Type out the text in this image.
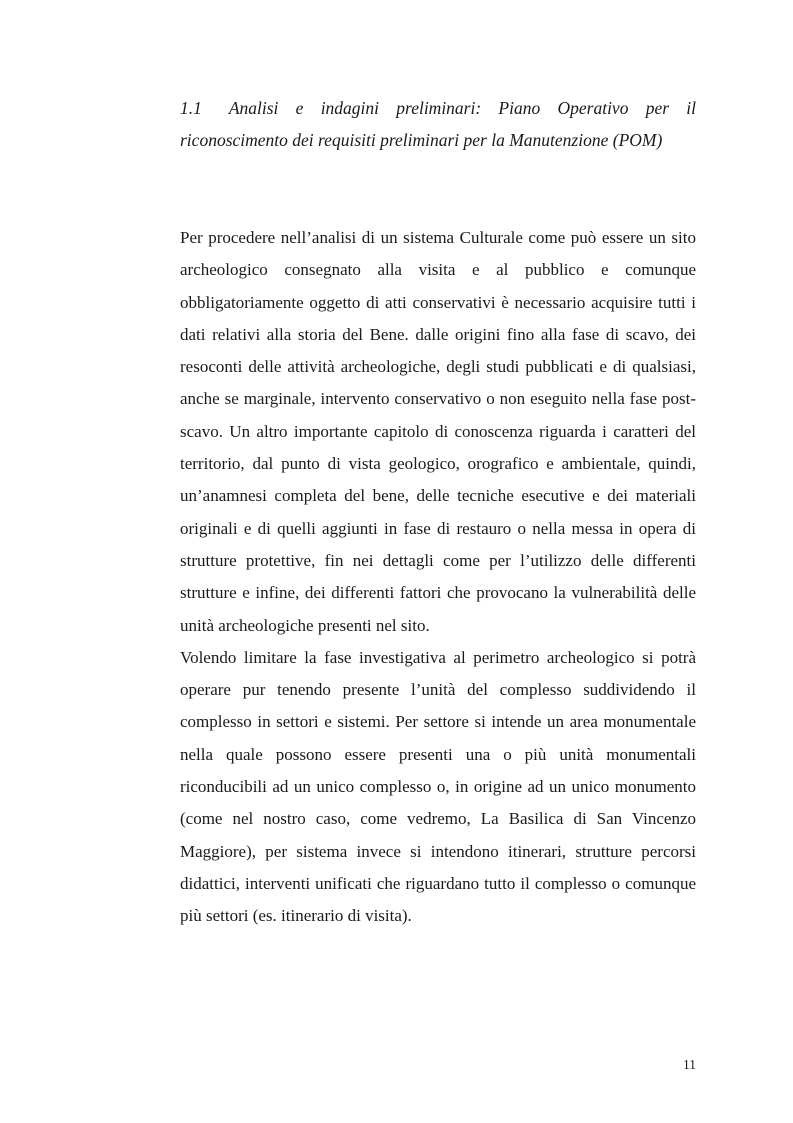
1.1 Analisi e indagini preliminari: Piano Operativo per il riconoscimento dei requisiti preliminari per la Manutenzione (POM)

Per procedere nell’analisi di un sistema Culturale come può essere un sito archeologico consegnato alla visita e al pubblico e comunque obbligatoriamente oggetto di atti conservativi è necessario acquisire tutti i dati relativi alla storia del Bene. dalle origini fino alla fase di scavo, dei resoconti delle attività archeologiche, degli studi pubblicati e di qualsiasi, anche se marginale, intervento conservativo o non eseguito nella fase post-scavo. Un altro importante capitolo di conoscenza riguarda i caratteri del territorio, dal punto di vista geologico, orografico e ambientale, quindi, un’anamnesi completa del bene, delle tecniche esecutive e dei materiali originali e di quelli aggiunti in fase di restauro o nella messa in opera di strutture protettive, fin nei dettagli come per l’utilizzo delle differenti strutture e infine, dei differenti fattori che provocano la vulnerabilità delle unità archeologiche presenti nel sito.

Volendo limitare la fase investigativa al perimetro archeologico si potrà operare pur tenendo presente l’unità del complesso suddividendo il complesso in settori e sistemi. Per settore si intende un area monumentale nella quale possono essere presenti una o più unità monumentali riconducibili ad un unico complesso o, in origine ad un unico monumento (come nel nostro caso, come vedremo, La Basilica di San Vincenzo Maggiore), per sistema invece si intendono itinerari, strutture percorsi didattici, interventi unificati che riguardano tutto il complesso o comunque più settori (es. itinerario di visita).

11
